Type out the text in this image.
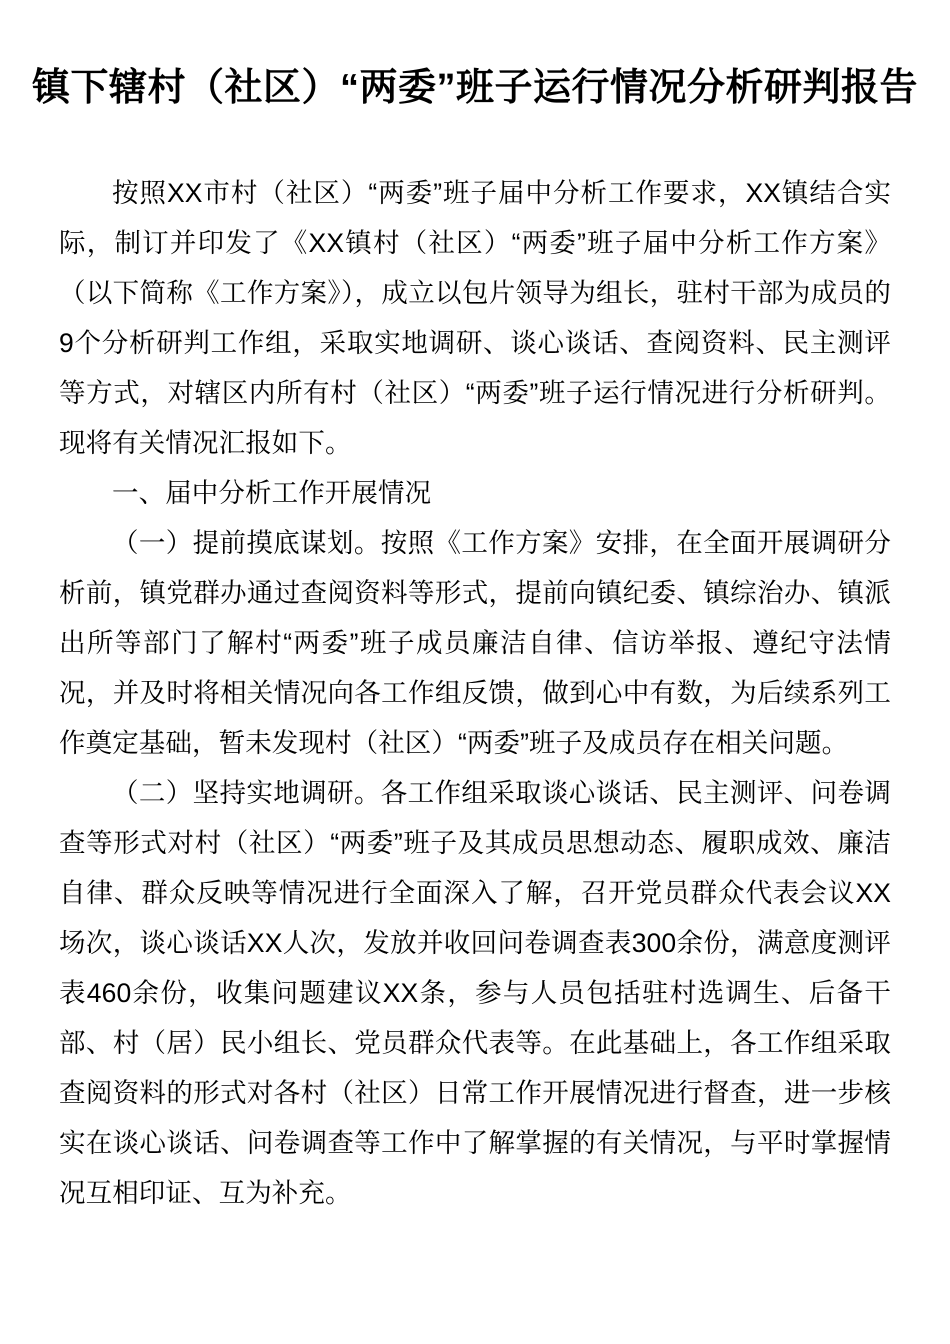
镇下辖村（社区）“两委”班子运行情况分析研判报告

按照XX市村（社区）“两委”班子届中分析工作要求，XX镇结合实际，制订并印发了《XX镇村（社区）“两委”班子届中分析工作方案》（以下简称《工作方案》），成立以包片领导为组长，驻村干部为成员的9个分析研判工作组，采取实地调研、谈心谈话、查阅资料、民主测评等方式，对辖区内所有村（社区）“两委”班子运行情况进行分析研判。现将有关情况汇报如下。

一、届中分析工作开展情况

（一）提前摸底谋划。按照《工作方案》安排，在全面开展调研分析前，镇党群办通过查阅资料等形式，提前向镇纪委、镇综治办、镇派出所等部门了解村“两委”班子成员廉洁自律、信访举报、遵纪守法情况，并及时将相关情况向各工作组反馈，做到心中有数，为后续系列工作奠定基础，暂未发现村（社区）“两委”班子及成员存在相关问题。

（二）坚持实地调研。各工作组采取谈心谈话、民主测评、问卷调查等形式对村（社区）“两委”班子及其成员思想动态、履职成效、廉洁自律、群众反映等情况进行全面深入了解，召开党员群众代表会议XX场次，谈心谈话XX人次，发放并收回问卷调查表300余份，满意度测评表460余份，收集问题建议XX条，参与人员包括驻村选调生、后备干部、村（居）民小组长、党员群众代表等。在此基础上，各工作组采取查阅资料的形式对各村（社区）日常工作开展情况进行督查，进一步核实在谈心谈话、问卷调查等工作中了解掌握的有关情况，与平时掌握情况互相印证、互为补充。
